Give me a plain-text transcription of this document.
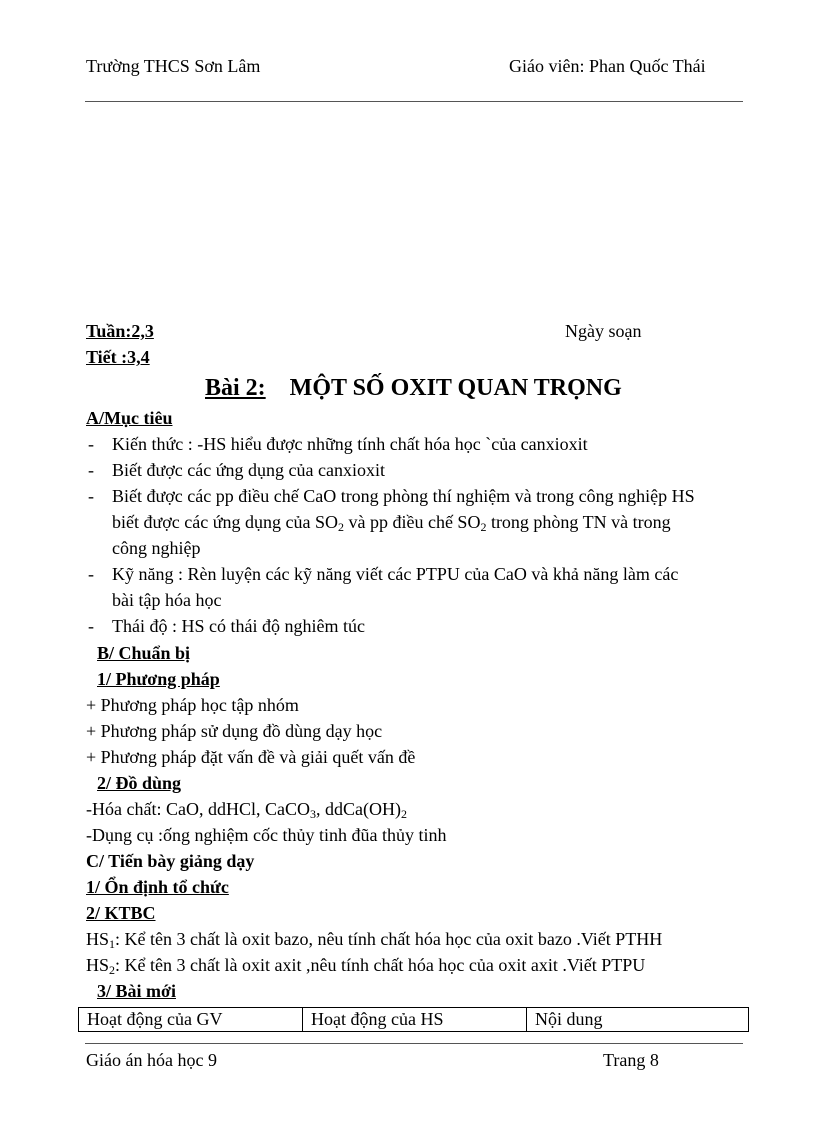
Trường THCS Sơn Lâm	Giáo viên: Phan Quốc Thái
Tuần:2,3	Ngày soạn
Tiết :3,4
Bài 2: MỘT SỐ OXIT QUAN TRỌNG
A/Mục tiêu
- Kiến thức : -HS hiểu được những tính chất hóa học `của canxioxit
- Biết được các ứng dụng của canxioxit
- Biết được các pp điều chế CaO trong phòng thí nghiệm và trong công nghiệp HS
biết được các ứng dụng của $SO_2$ và pp điều chế $SO_2$ trong phòng TN và trong
công nghiệp
- Kỹ năng : Rèn luyện các kỹ năng viết các PTPU của CaO và khả năng làm các
bài tập hóa học
- Thái độ : HS có thái độ nghiêm túc
B/ Chuẩn bị
1/ Phương pháp
+ Phương pháp học tập nhóm
+ Phương pháp sử dụng đồ dùng dạy học
+ Phương pháp đặt vấn đề và giải quết vấn đề
2/ Đồ dùng
-Hóa chất: CaO, ddHCl, CaCO$_3$, $ddCa(OH)_2$
-Dụng cụ :ống nghiệm cốc thủy tinh đũa thủy tinh
C/ Tiến bày giảng dạy
1/ Ổn định tổ chức
2/ KTBC
$HS_1$: Kể tên 3 chất là oxit bazo, nêu tính chất hóa học của oxit bazo .Viết PTHH
$HS_2$: Kể tên 3 chất là oxit axit ,nêu tính chất hóa học của oxit axit .Viết PTPU
3/ Bài mới
Hoạt động của GV	Hoạt động của HS	Nội dung
Giáo án hóa học 9	Trang 8
